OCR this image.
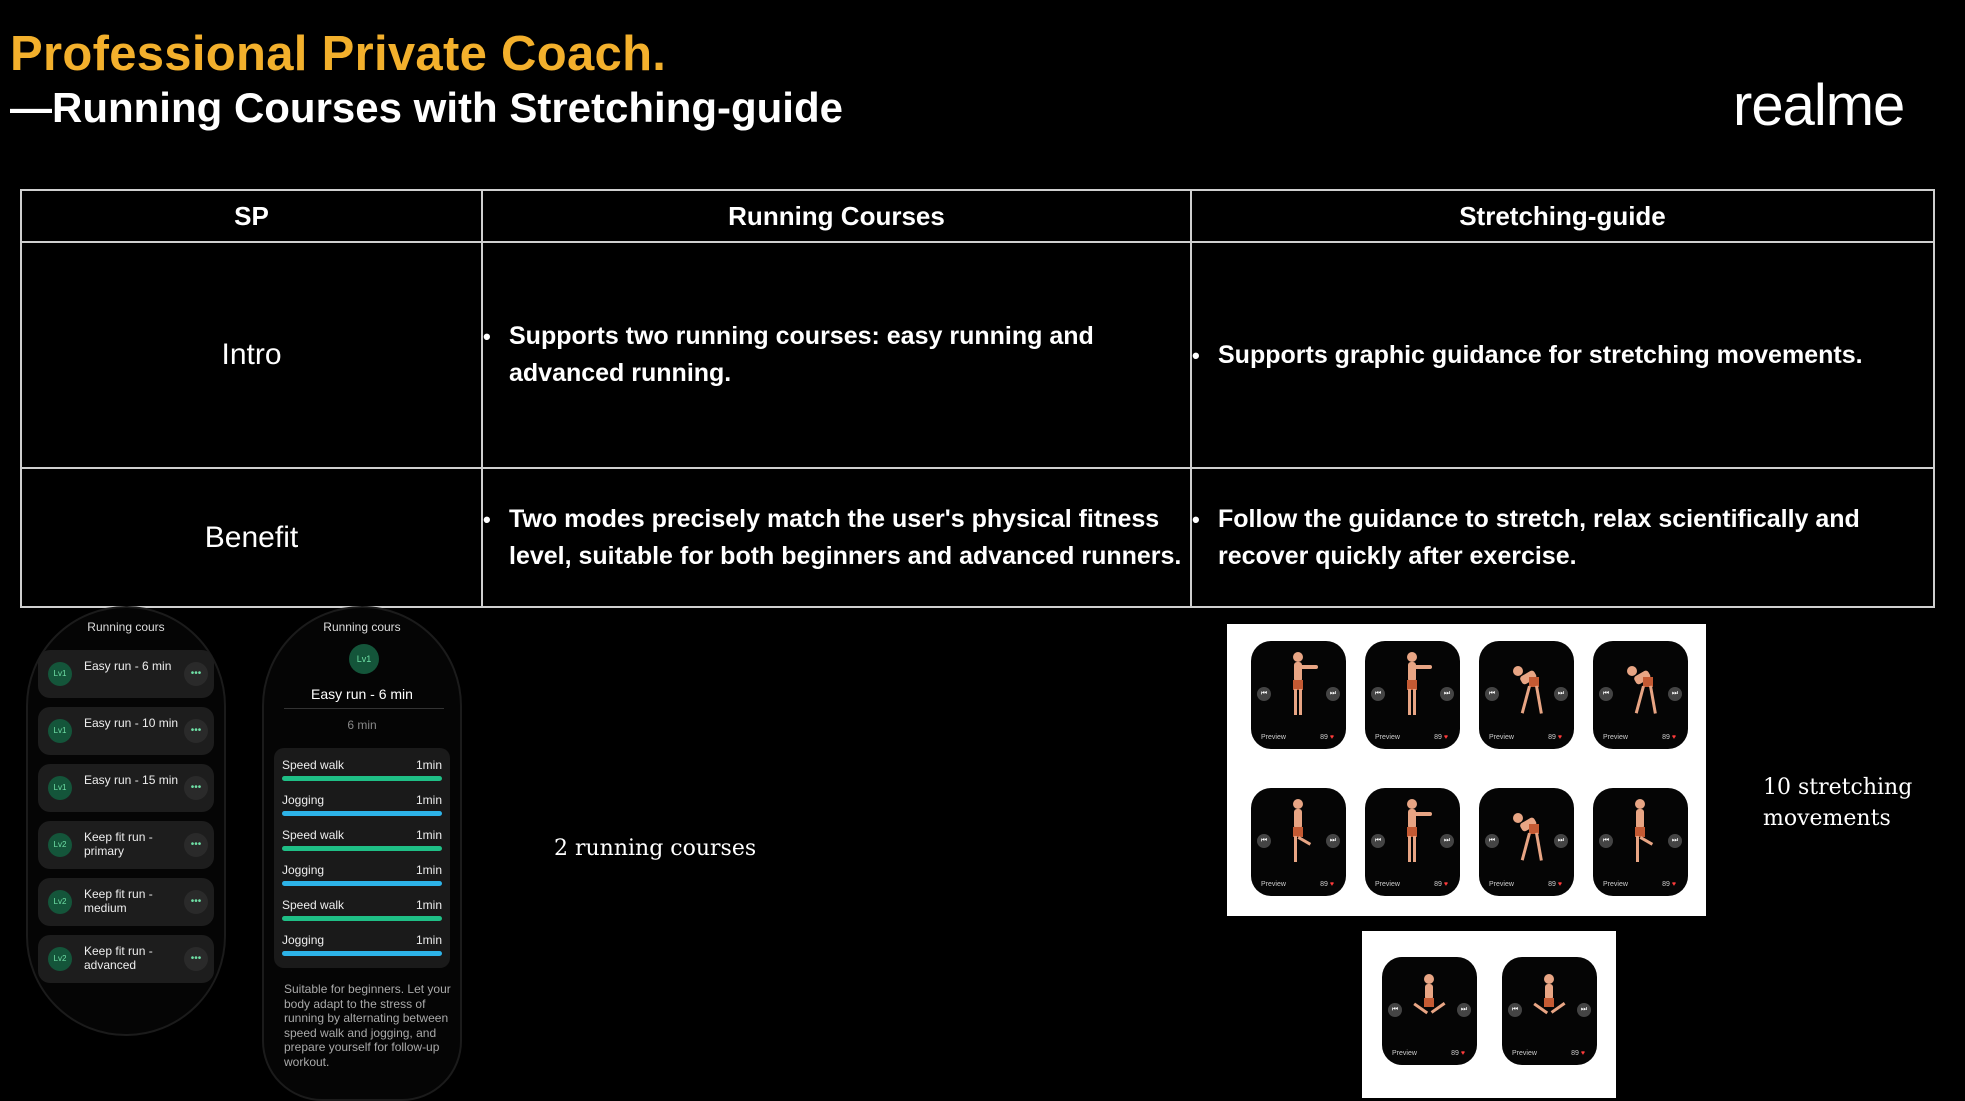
Professional Private Coach.
—Running Courses with Stretching-guide	realme
SP	Running Courses	Stretching-guide
Intro	• Supports two running courses: easy running and advanced running.	• Supports graphic guidance for stretching movements.

Benefit	• Two modes precisely match the user's physical fitness level, suitable for both beginners and advanced runners.	• Follow the guidance to stretch, relax scientifically and recover quickly after exercise.
Running cours
Lv1
Easy run - 6 min
•••
Lv1
Easy run - 10 min
•••
Lv1
Easy run - 15 min
•••
Lv2
Keep fit run - primary	•••
Lv2
Keep fit run - medium	•••
Lv2
Keep fit run - advanced	•••
Running cours
Lv1
Easy run - 6 min
6 min
Speed walk	1min
Jogging	1min
Speed walk	1min
Jogging	1min
Speed walk	1min
Jogging	1min
Suitable for beginners. Let your body adapt to the stress of running by alternating between speed walk and jogging, and prepare yourself for follow-up workout.
2 running courses
10 stretching movements
⏮	⏭
Preview	89 ♥
⏮	⏭
Preview	89 ♥
⏮	⏭
Preview	89 ♥
⏮	⏭
Preview	89 ♥
⏮	⏭
Preview	89 ♥
⏮	⏭
Preview	89 ♥
⏮	⏭
Preview	89 ♥
⏮	⏭
Preview	89 ♥
⏮	⏭
Preview	89 ♥
⏮	⏭
Preview	89 ♥
